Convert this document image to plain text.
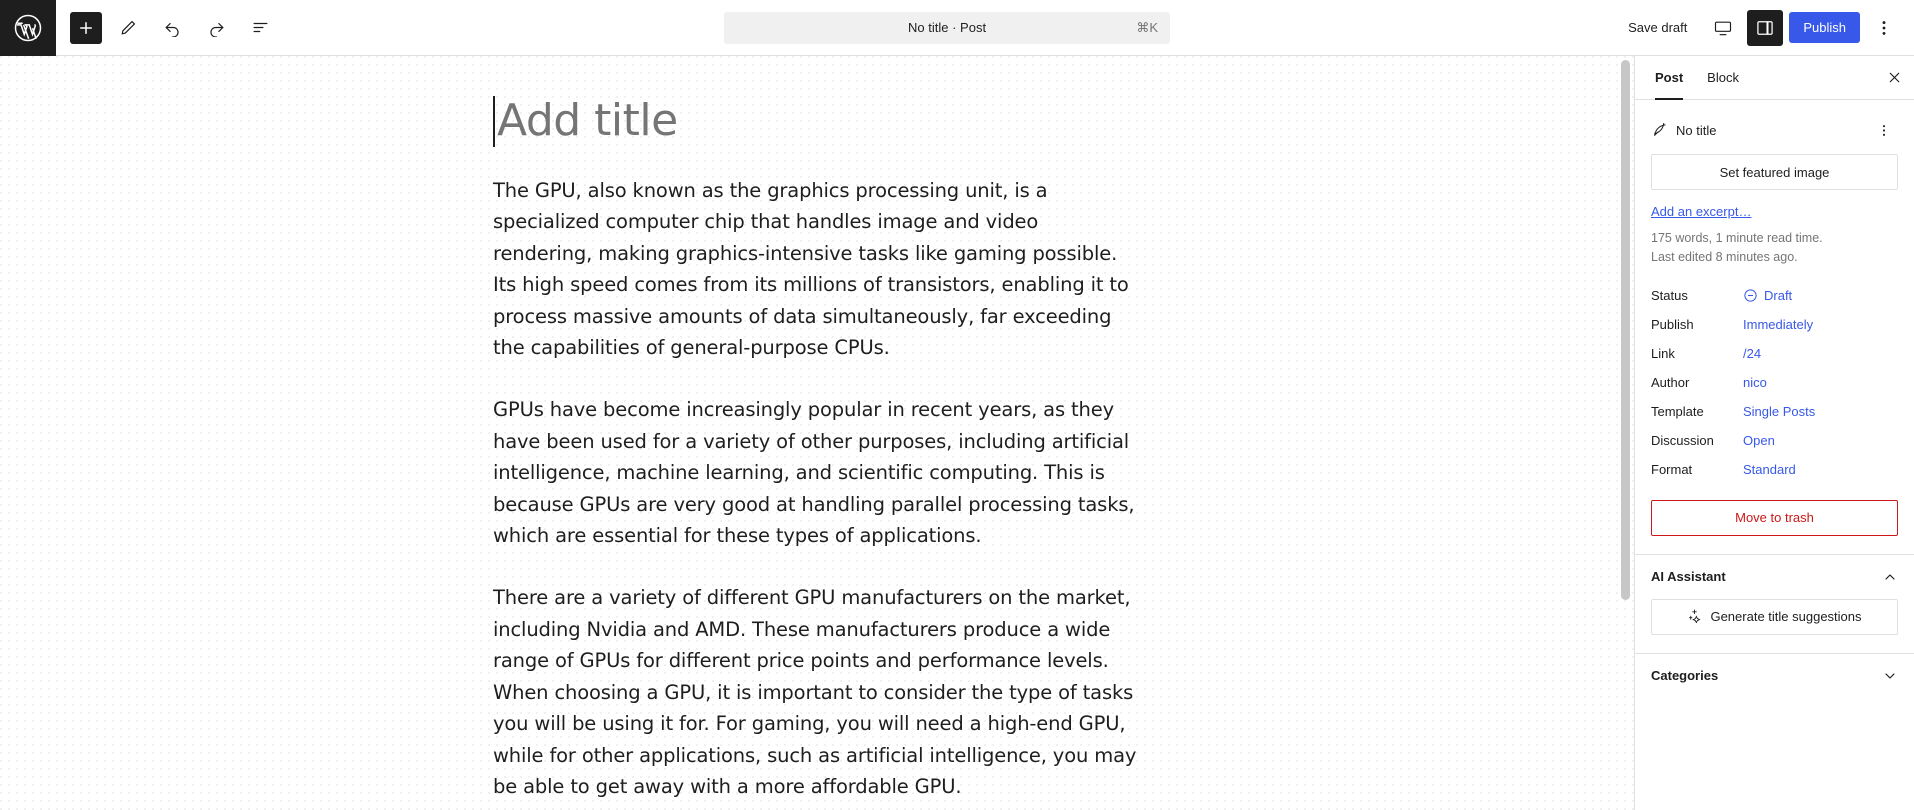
No title · Post	⌘K	Save draft	Publish
Add title

The GPU, also known as the graphics processing unit, is a specialized computer chip that handles image and video rendering, making graphics-intensive tasks like gaming possible. Its high speed comes from its millions of transistors, enabling it to process massive amounts of data simultaneously, far exceeding the capabilities of general-purpose CPUs.

GPUs have become increasingly popular in recent years, as they have been used for a variety of other purposes, including artificial intelligence, machine learning, and scientific computing. This is because GPUs are very good at handling parallel processing tasks, which are essential for these types of applications.

There are a variety of different GPU manufacturers on the market, including Nvidia and AMD. These manufacturers produce a wide range of GPUs for different price points and performance levels. When choosing a GPU, it is important to consider the type of tasks you will be using it for. For gaming, you will need a high-end GPU, while for other applications, such as artificial intelligence, you may be able to get away with a more affordable GPU.

Post	Block
No title
Set featured image Add an excerpt…
175 words, 1 minute read time.
Last edited 8 minutes ago.
Status	Draft
Publish	Immediately
Link	/24
Author	nico
Template	Single Posts
Discussion	Open
Format	Standard
Move to trash
AI Assistant
Generate title suggestions
Categories
